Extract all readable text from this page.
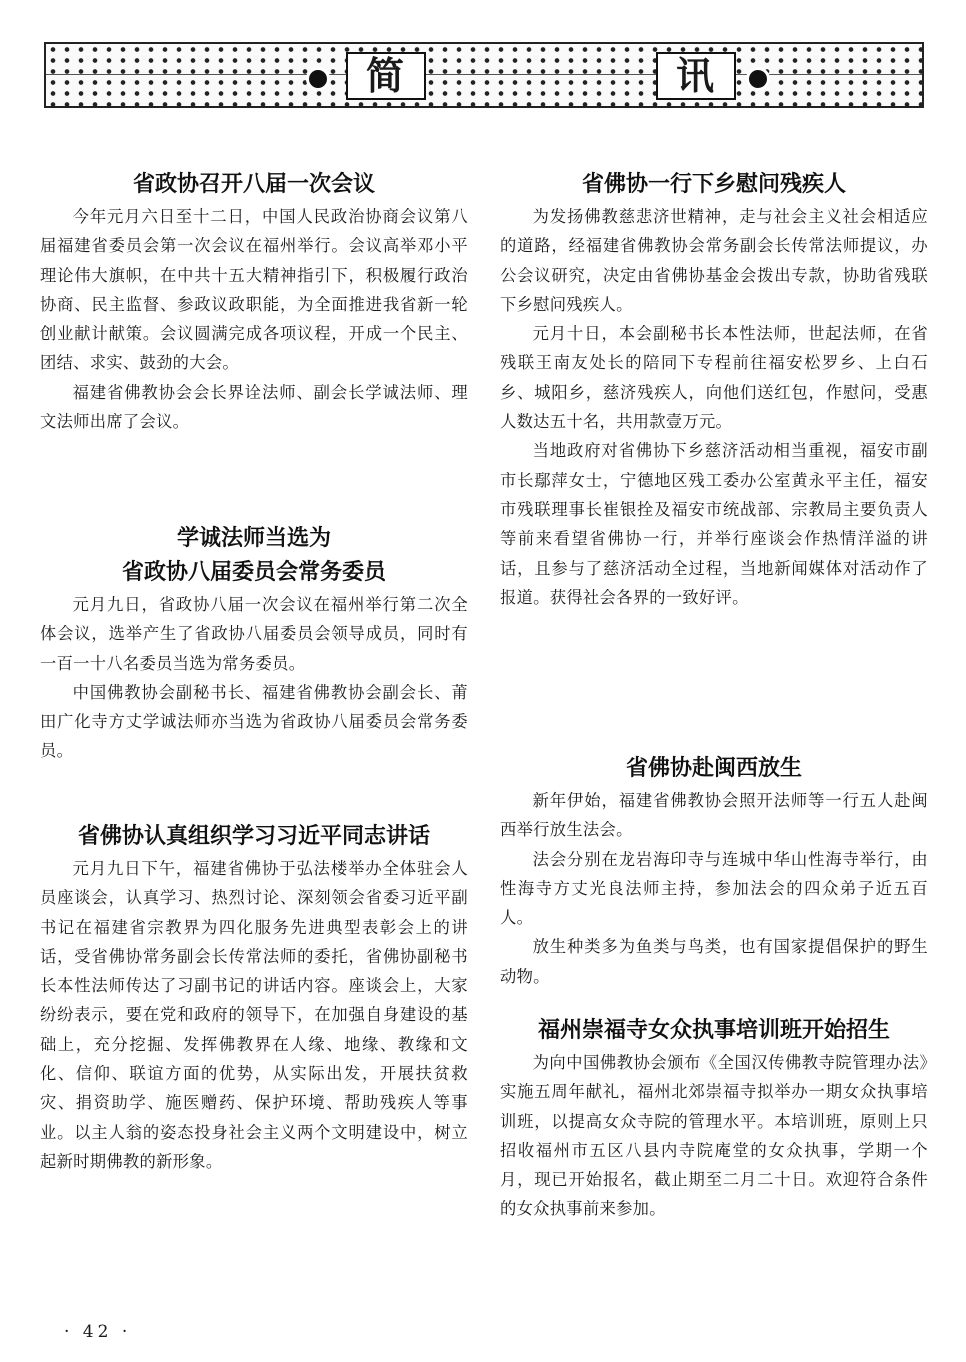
简	讯
省政协召开八届一次会议

今年元月六日至十二日，中国人民政治协商会议第八届福建省委员会第一次会议在福州举行。会议高举邓小平理论伟大旗帜，在中共十五大精神指引下，积极履行政治协商、民主监督、参政议政职能，为全面推进我省新一轮创业献计献策。会议圆满完成各项议程，开成一个民主、团结、求实、鼓劲的大会。

福建省佛教协会会长界诠法师、副会长学诚法师、理文法师出席了会议。

学诚法师当选为
省政协八届委员会常务委员

元月九日，省政协八届一次会议在福州举行第二次全体会议，选举产生了省政协八届委员会领导成员，同时有一百一十八名委员当选为常务委员。

中国佛教协会副秘书长、福建省佛教协会副会长、莆田广化寺方丈学诚法师亦当选为省政协八届委员会常务委员。

省佛协认真组织学习习近平同志讲话

元月九日下午，福建省佛协于弘法楼举办全体驻会人员座谈会，认真学习、热烈讨论、深刻领会省委习近平副书记在福建省宗教界为四化服务先进典型表彰会上的讲话，受省佛协常务副会长传常法师的委托，省佛协副秘书长本性法师传达了习副书记的讲话内容。座谈会上，大家纷纷表示，要在党和政府的领导下，在加强自身建设的基础上，充分挖掘、发挥佛教界在人缘、地缘、教缘和文化、信仰、联谊方面的优势，从实际出发，开展扶贫救灾、捐资助学、施医赠药、保护环境、帮助残疾人等事业。以主人翁的姿态投身社会主义两个文明建设中，树立起新时期佛教的新形象。

省佛协一行下乡慰问残疾人

为发扬佛教慈悲济世精神，走与社会主义社会相适应的道路，经福建省佛教协会常务副会长传常法师提议，办公会议研究，决定由省佛协基金会拨出专款，协助省残联下乡慰问残疾人。

元月十日，本会副秘书长本性法师，世起法师，在省残联王南友处长的陪同下专程前往福安松罗乡、上白石乡、城阳乡，慈济残疾人，向他们送红包，作慰问，受惠人数达五十名，共用款壹万元。

当地政府对省佛协下乡慈济活动相当重视，福安市副市长鄢萍女士，宁德地区残工委办公室黄永平主任，福安市残联理事长崔银拴及福安市统战部、宗教局主要负责人等前来看望省佛协一行，并举行座谈会作热情洋溢的讲话，且参与了慈济活动全过程，当地新闻媒体对活动作了报道。获得社会各界的一致好评。

省佛协赴闽西放生

新年伊始，福建省佛教协会照开法师等一行五人赴闽西举行放生法会。

法会分别在龙岩海印寺与连城中华山性海寺举行，由性海寺方丈光良法师主持，参加法会的四众弟子近五百人。

放生种类多为鱼类与鸟类，也有国家提倡保护的野生动物。

福州崇福寺女众执事培训班开始招生

为向中国佛教协会颁布《全国汉传佛教寺院管理办法》实施五周年献礼，福州北郊崇福寺拟举办一期女众执事培训班，以提高女众寺院的管理水平。本培训班，原则上只招收福州市五区八县内寺院庵堂的女众执事，学期一个月，现已开始报名，截止期至二月二十日。欢迎符合条件的女众执事前来参加。

· 42 ·
